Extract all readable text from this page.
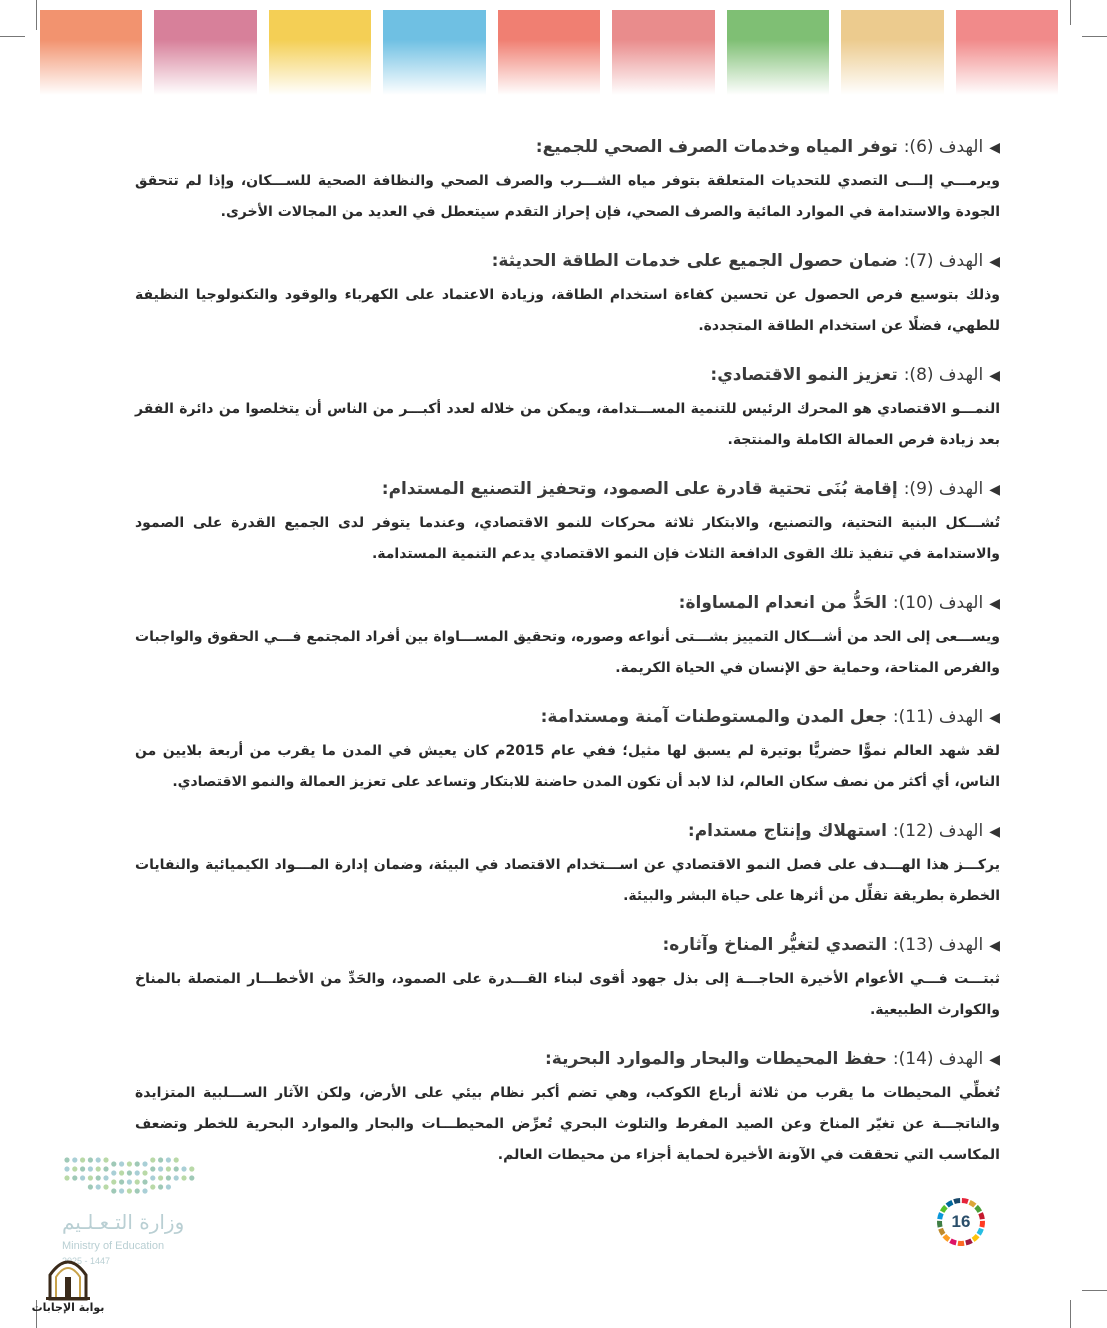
◀الهدف (6): توفر المياه وخدمات الصرف الصحي للجميع:
ويرمـــي إلـــى التصدي للتحديات المتعلقة بتوفر مياه الشـــرب والصرف الصحي والنظافة الصحية للســـكان، وإذا لم تتحقق الجودة والاستدامة في الموارد المائية والصرف الصحي، فإن إحراز التقدم سيتعطل في العديد من المجالات الأخرى.
◀الهدف (7): ضمان حصول الجميع على خدمات الطاقة الحديثة:
وذلك بتوسيع فرص الحصول عن تحسين كفاءة استخدام الطاقة، وزيادة الاعتماد على الكهرباء والوقود والتكنولوجيا النظيفة للطهي، فضلًا عن استخدام الطاقة المتجددة.
◀الهدف (8): تعزيز النمو الاقتصادي:
النمـــو الاقتصادي هو المحرك الرئيس للتنمية المســـتدامة، ويمكن من خلاله لعدد أكبـــر من الناس أن يتخلصوا من دائرة الفقر بعد زيادة فرص العمالة الكاملة والمنتجة.
◀الهدف (9): إقامة بُنَى تحتية قادرة على الصمود، وتحفيز التصنيع المستدام:
تُشـــكل البنية التحتية، والتصنيع، والابتكار ثلاثة محركات للنمو الاقتصادي، وعندما يتوفر لدى الجميع القدرة على الصمود والاستدامة في تنفيذ تلك القوى الدافعة الثلاث فإن النمو الاقتصادي يدعم التنمية المستدامة.
◀الهدف (10): الحَدُّ من انعدام المساواة:
ويســـعى إلى الحد من أشـــكال التمييز بشـــتى أنواعه وصوره، وتحقيق المســـاواة بين أفراد المجتمع فـــي الحقوق والواجبات والفرص المتاحة، وحماية حق الإنسان في الحياة الكريمة.
◀الهدف (11): جعل المدن والمستوطنات آمنة ومستدامة:
لقد شهد العالم نموًّا حضريًّا بوتيرة لم يسبق لها مثيل؛ ففي عام 2015م كان يعيش في المدن ما يقرب من أربعة بلايين من الناس، أي أكثر من نصف سكان العالم، لذا لابد أن تكون المدن حاضنة للابتكار وتساعد على تعزيز العمالة والنمو الاقتصادي.
◀الهدف (12): استهلاك وإنتاج مستدام:
يركـــز هذا الهـــدف على فصل النمو الاقتصادي عن اســـتخدام الاقتصاد في البيئة، وضمان إدارة المـــواد الكيميائية والنفايات الخطرة بطريقة تقلِّل من أثرها على حياة البشر والبيئة.
◀الهدف (13): التصدي لتغيُّر المناخ وآثاره:
ثبتـــت فـــي الأعوام الأخيرة الحاجـــة إلى بذل جهود أقوى لبناء القـــدرة على الصمود، والحَدِّ من الأخطـــار المتصلة بالمناخ والكوارث الطبيعية.
◀الهدف (14): حفظ المحيطات والبحار والموارد البحرية:
تُغطِّي المحيطات ما يقرب من ثلاثة أرباع الكوكب، وهي تضم أكبر نظام بيئي على الأرض، ولكن الآثار الســـلبية المتزايدة والناتجـــة عن تغيّر المناخ وعن الصيد المفرط والتلوث البحري تُعرِّض المحيطـــات والبحار والموارد البحرية للخطر وتضعف المكاسب التي تحققت في الآونة الأخيرة لحماية أجزاء من محيطات العالم.
وزارة التـعـلـيم
Ministry of Education
2025 - 1447
بوابة الإجابات
16
